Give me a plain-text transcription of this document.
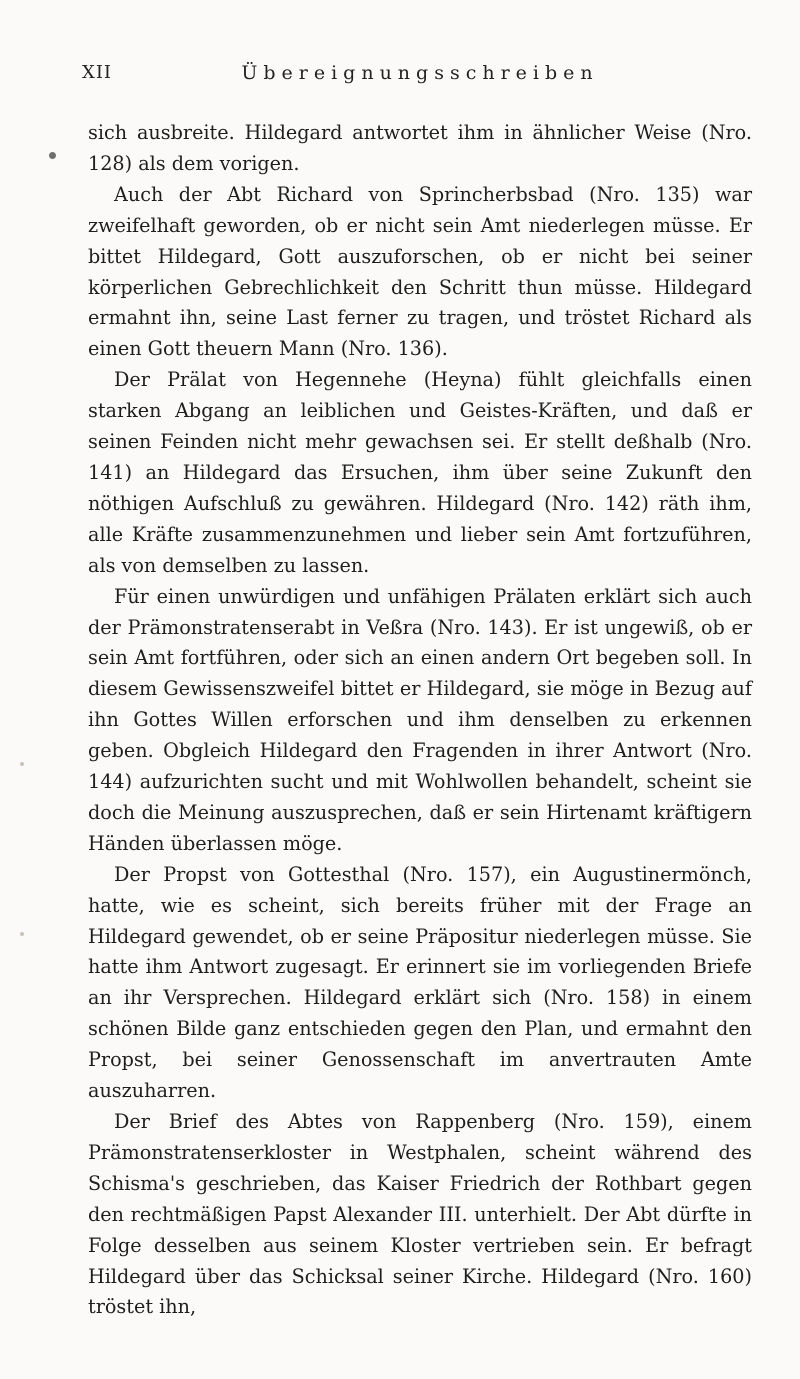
XII	Übereignungsschreiben

sich ausbreite. Hildegard antwortet ihm in ähnlicher Weise (Nro. 128) als dem vorigen.

Auch der Abt Richard von Sprincherbsbad (Nro. 135) war zweifelhaft geworden, ob er nicht sein Amt niederlegen müsse. Er bittet Hildegard, Gott auszuforschen, ob er nicht bei seiner körperlichen Gebrechlichkeit den Schritt thun müsse. Hildegard ermahnt ihn, seine Last ferner zu tragen, und tröstet Richard als einen Gott theuern Mann (Nro. 136).

Der Prälat von Hegennehe (Heyna) fühlt gleichfalls einen starken Abgang an leiblichen und Geistes-Kräften, und daß er seinen Feinden nicht mehr gewachsen sei. Er stellt deßhalb (Nro. 141) an Hildegard das Ersuchen, ihm über seine Zukunft den nöthigen Aufschluß zu gewähren. Hildegard (Nro. 142) räth ihm, alle Kräfte zusammenzunehmen und lieber sein Amt fortzuführen, als von demselben zu lassen.

Für einen unwürdigen und unfähigen Prälaten erklärt sich auch der Prämonstratenserabt in Veßra (Nro. 143). Er ist ungewiß, ob er sein Amt fortführen, oder sich an einen andern Ort begeben soll. In diesem Gewissenszweifel bittet er Hildegard, sie möge in Bezug auf ihn Gottes Willen erforschen und ihm denselben zu erkennen geben. Obgleich Hildegard den Fragenden in ihrer Antwort (Nro. 144) aufzurichten sucht und mit Wohlwollen behandelt, scheint sie doch die Meinung auszusprechen, daß er sein Hirtenamt kräftigern Händen überlassen möge.

Der Propst von Gottesthal (Nro. 157), ein Augustinermönch, hatte, wie es scheint, sich bereits früher mit der Frage an Hildegard gewendet, ob er seine Präpositur niederlegen müsse. Sie hatte ihm Antwort zugesagt. Er erinnert sie im vorliegenden Briefe an ihr Versprechen. Hildegard erklärt sich (Nro. 158) in einem schönen Bilde ganz entschieden gegen den Plan, und ermahnt den Propst, bei seiner Genossenschaft im anvertrauten Amte auszuharren.

Der Brief des Abtes von Rappenberg (Nro. 159), einem Prämonstratenserkloster in Westphalen, scheint während des Schisma's geschrieben, das Kaiser Friedrich der Rothbart gegen den rechtmäßigen Papst Alexander III. unterhielt. Der Abt dürfte in Folge desselben aus seinem Kloster vertrieben sein. Er befragt Hildegard über das Schicksal seiner Kirche. Hildegard (Nro. 160) tröstet ihn,
